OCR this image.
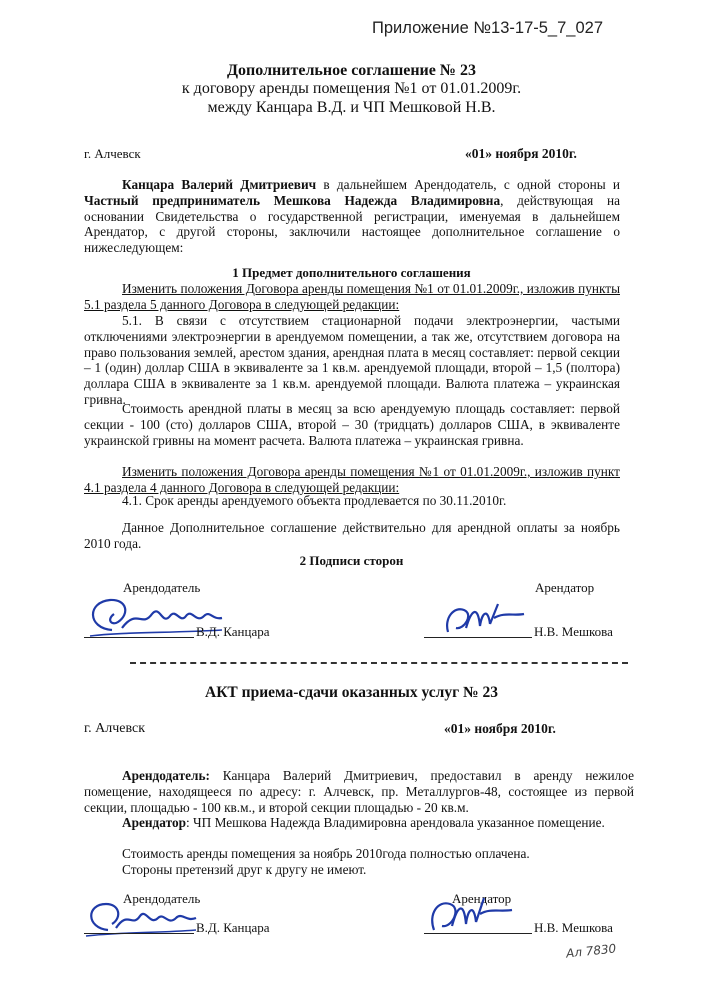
Приложение №13-17-5_7_027
Дополнительное соглашение № 23
к договору аренды помещения №1 от 01.01.2009г.
между Канцара В.Д. и ЧП Мешковой Н.В.
г. Алчевск	«01» ноября 2010г.

Канцара Валерий Дмитриевич в дальнейшем Арендодатель, с одной стороны и Частный предприниматель Мешкова Надежда Владимировна, действующая на основании Свидетельства о государственной регистрации, именуемая в дальнейшем Арендатор, с другой стороны, заключили настоящее дополнительное соглашение о нижеследующем:

1 Предмет дополнительного соглашения

Изменить положения Договора аренды помещения №1 от 01.01.2009г., изложив пункты 5.1 раздела 5 данного Договора в следующей редакции:

5.1. В связи с отсутствием стационарной подачи электроэнергии, частыми отключениями электроэнергии в арендуемом помещении, а так же, отсутствием договора на право пользования землей, арестом здания, арендная плата в месяц составляет: первой секции – 1 (один) доллар США в эквиваленте за 1 кв.м. арендуемой площади, второй – 1,5 (полтора) доллара США в эквиваленте за 1 кв.м. арендуемой площади. Валюта платежа – украинская гривна.

Стоимость арендной платы в месяц за всю арендуемую площадь составляет: первой секции - 100 (сто) долларов США, второй – 30 (тридцать) долларов США, в эквиваленте украинской гривны на момент расчета. Валюта платежа – украинская гривна.

Изменить положения Договора аренды помещения №1 от 01.01.2009г., изложив пункт 4.1 раздела 4 данного Договора в следующей редакции:

4.1. Срок аренды арендуемого объекта продлевается по 30.11.2010г.

Данное Дополнительное соглашение действительно для арендной оплаты за ноябрь 2010 года.

2 Подписи сторон
Арендодатель	Арендатор
В.Д. Канцара	Н.В. Мешкова
АКТ приема-сдачи оказанных услуг № 23
г. Алчевск	«01» ноября 2010г.

Арендодатель: Канцара Валерий Дмитриевич, предоставил в аренду нежилое помещение, находящееся по адресу: г. Алчевск, пр. Металлургов-48, состоящее из первой секции, площадью - 100 кв.м., и второй секции площадью - 20 кв.м.

Арендатор: ЧП Мешкова Надежда Владимировна арендовала указанное помещение.

Стоимость аренды помещения за ноябрь 2010года полностью оплачена.

Стороны претензий друг к другу не имеют.

Арендодатель	Арендатор
В.Д. Канцара	Н.В. Мешкова
Ал 7830
